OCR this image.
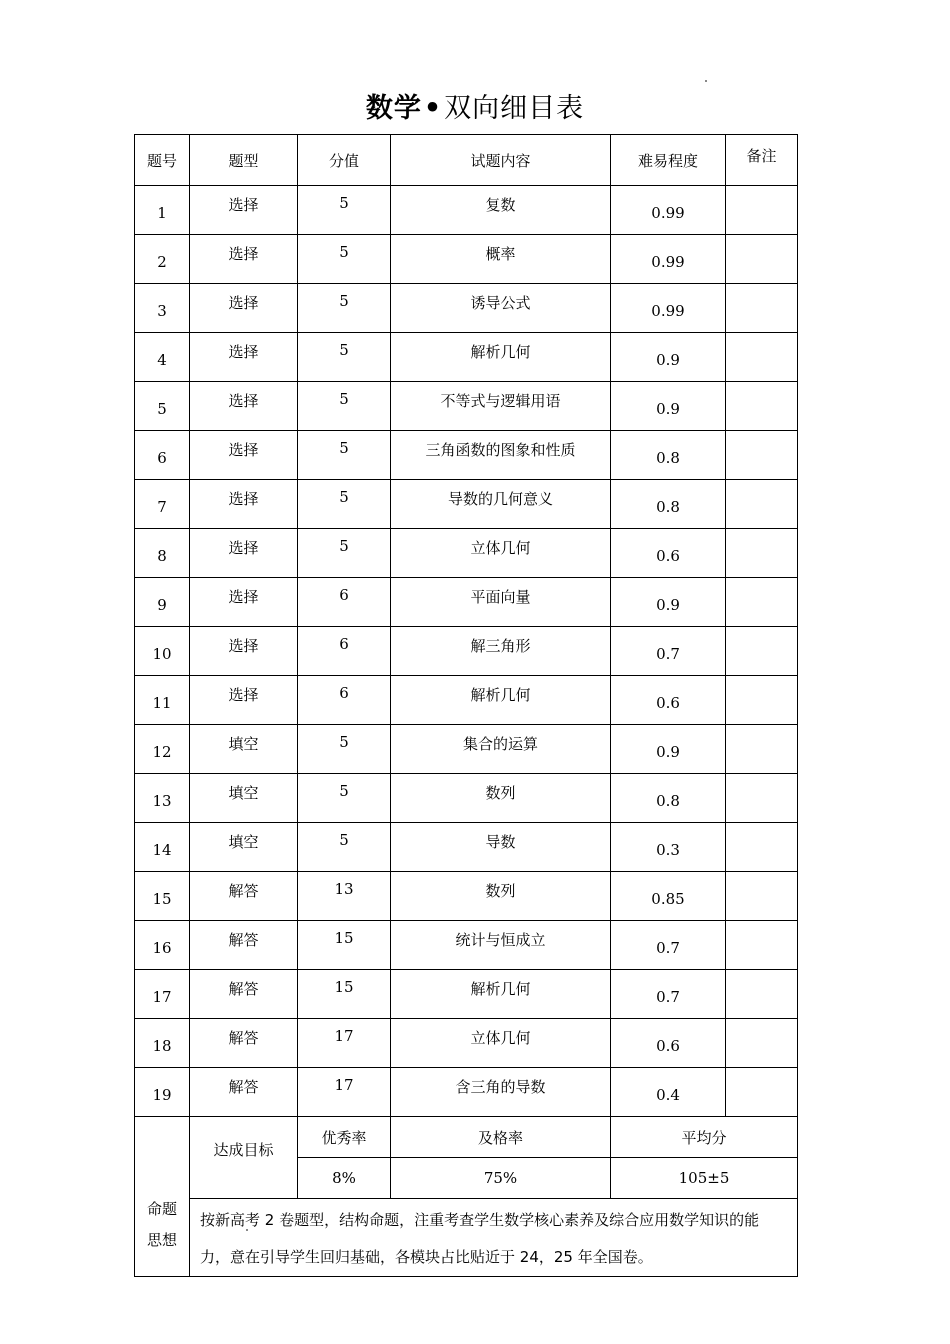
数学•双向细目表
题号	题型	分值	试题内容	难易程度	备注
1	选择	5	复数	0.99	
2	选择	5	概率	0.99	
3	选择	5	诱导公式	0.99	
4	选择	5	解析几何	0.9	
5	选择	5	不等式与逻辑用语	0.9	
6	选择	5	三角函数的图象和性质	0.8	
7	选择	5	导数的几何意义	0.8	
8	选择	5	立体几何	0.6	
9	选择	6	平面向量	0.9	
10	选择	6	解三角形	0.7	
11	选择	6	解析几何	0.6	
12	填空	5	集合的运算	0.9	
13	填空	5	数列	0.8	
14	填空	5	导数	0.3	
15	解答	13	数列	0.85	
16	解答	15	统计与恒成立	0.7	
17	解答	15	解析几何	0.7	
18	解答	17	立体几何	0.6	
19	解答	17	含三角的导数	0.4	

命题
思想	达成目标	优秀率	及格率	平均分	
		8%	75%	105±5	
	按新高考 2 卷题型，结构命题，注重考查学生数学核心素养及综合应用数学知识的能力，意在引导学生回归基础，各模块占比贴近于 24，25 年全国卷。				
